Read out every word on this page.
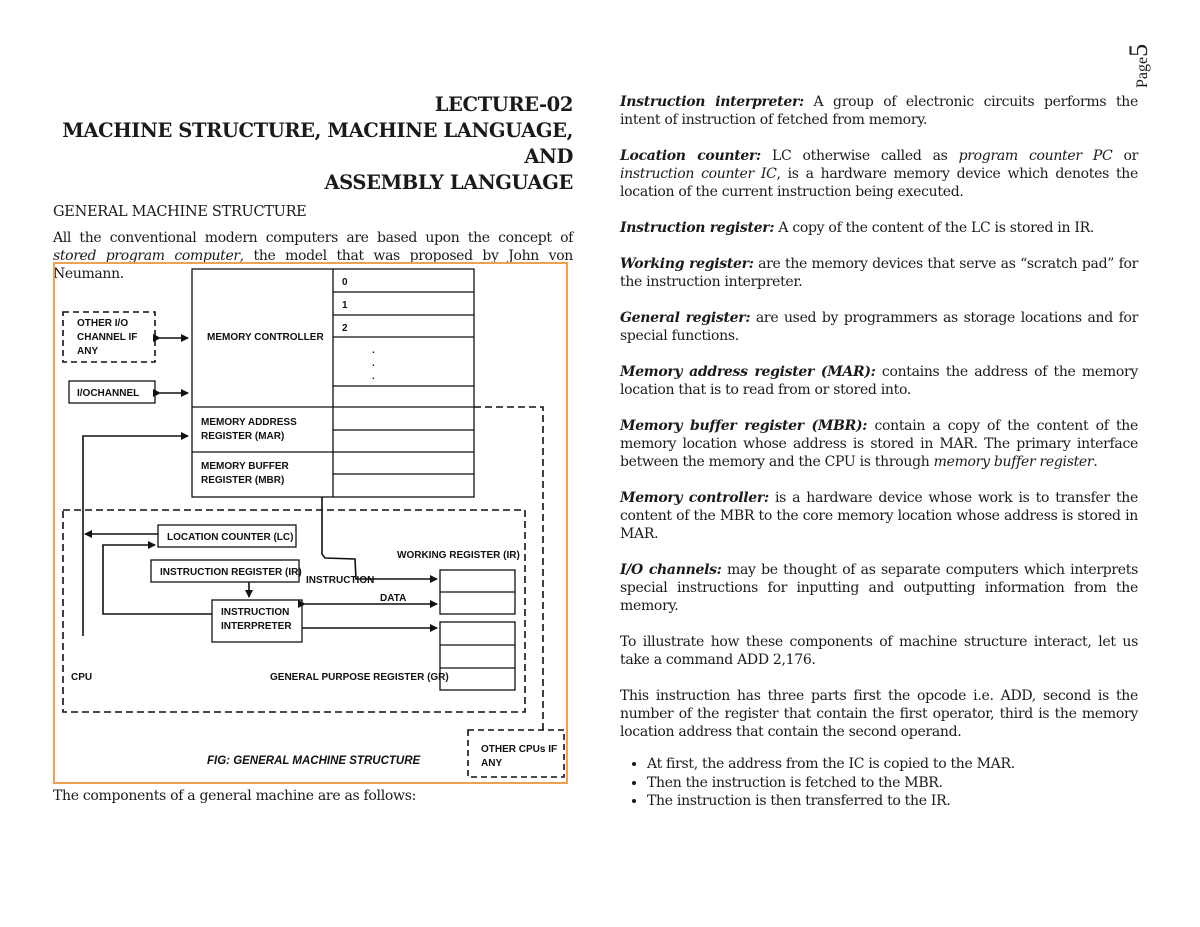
Page5
LECTURE-02
MACHINE STRUCTURE, MACHINE LANGUAGE, AND
ASSEMBLY LANGUAGE
GENERAL MACHINE STRUCTURE
All the conventional modern computers are based upon the concept of stored program computer, the model that was proposed by John von Neumann.
0
1
2
.
.
.
MEMORY CONTROLLER
MEMORY ADDRESS
REGISTER (MAR)
MEMORY BUFFER
REGISTER (MBR)
OTHER I/O
CHANNEL IF
ANY
I/OCHANNEL
LOCATION COUNTER (LC)
INSTRUCTION REGISTER (IR)
INSTRUCTION
INTERPRETER
WORKING REGISTER (IR)
INSTRUCTION
DATA
CPU	GENERAL PURPOSE REGISTER (GR)
OTHER CPUs IF
ANY
FIG: GENERAL MACHINE STRUCTURE
The components of a general machine are as follows:

Instruction interpreter: A group of electronic circuits performs the intent of instruction of fetched from memory.

Location counter: LC otherwise called as program counter PC or instruction counter IC, is a hardware memory device which denotes the location of the current instruction being executed.

Instruction register: A copy of the content of the LC is stored in IR.

Working register: are the memory devices that serve as “scratch pad” for the instruction interpreter.

General register: are used by programmers as storage locations and for special functions.

Memory address register (MAR): contains the address of the memory location that is to read from or stored into.

Memory buffer register (MBR): contain a copy of the content of the memory location whose address is stored in MAR. The primary interface between the memory and the CPU is through memory buffer register.

Memory controller: is a hardware device whose work is to transfer the content of the MBR to the core memory location whose address is stored in MAR.

I/O channels: may be thought of as separate computers which interprets special instructions for inputting and outputting information from the memory.

To illustrate how these components of machine structure interact, let us take a command ADD 2,176.

This instruction has three parts first the opcode i.e. ADD, second is the number of the register that contain the first operator, third is the memory location address that contain the second operand.

• At first, the address from the IC is copied to the MAR.
• Then the instruction is fetched to the MBR.
• The instruction is then transferred to the IR.
